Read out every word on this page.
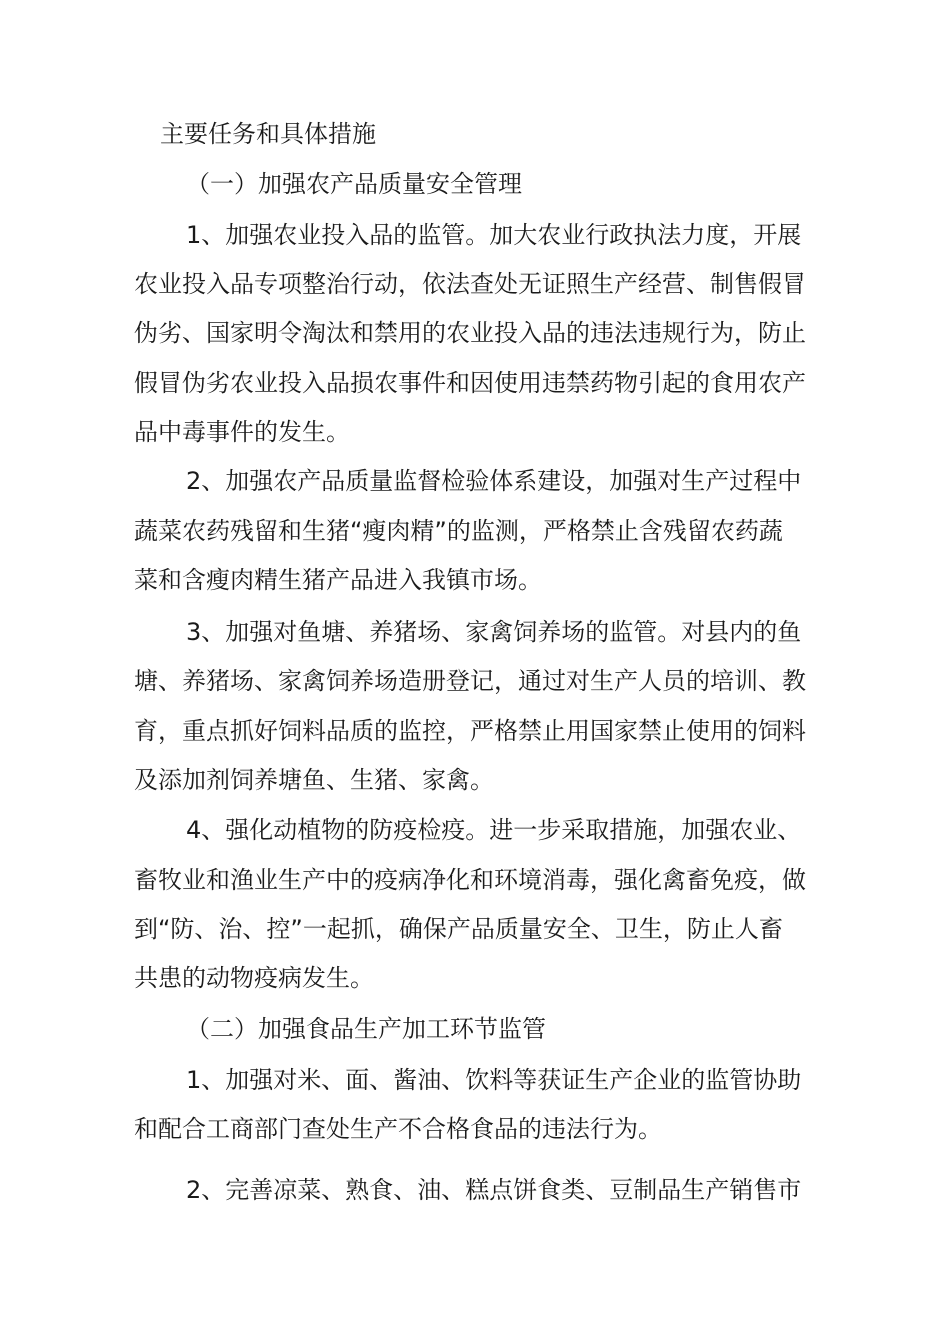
主要任务和具体措施
（一）加强农产品质量安全管理
1、加强农业投入品的监管。加大农业行政执法力度，开展
农业投入品专项整治行动，依法查处无证照生产经营、制售假冒
伪劣、国家明令淘汰和禁用的农业投入品的违法违规行为，防止
假冒伪劣农业投入品损农事件和因使用违禁药物引起的食用农产
品中毒事件的发生。
2、加强农产品质量监督检验体系建设，加强对生产过程中
蔬菜农药残留和生猪“瘦肉精”的监测，严格禁止含残留农药蔬
菜和含瘦肉精生猪产品进入我镇市场。
3、加强对鱼塘、养猪场、家禽饲养场的监管。对县内的鱼
塘、养猪场、家禽饲养场造册登记，通过对生产人员的培训、教
育，重点抓好饲料品质的监控，严格禁止用国家禁止使用的饲料
及添加剂饲养塘鱼、生猪、家禽。
4、强化动植物的防疫检疫。进一步采取措施，加强农业、
畜牧业和渔业生产中的疫病净化和环境消毒，强化禽畜免疫，做
到“防、治、控”一起抓，确保产品质量安全、卫生，防止人畜
共患的动物疫病发生。
（二）加强食品生产加工环节监管
1、加强对米、面、酱油、饮料等获证生产企业的监管协助
和配合工商部门查处生产不合格食品的违法行为。
2、完善凉菜、熟食、油、糕点饼食类、豆制品生产销售市
